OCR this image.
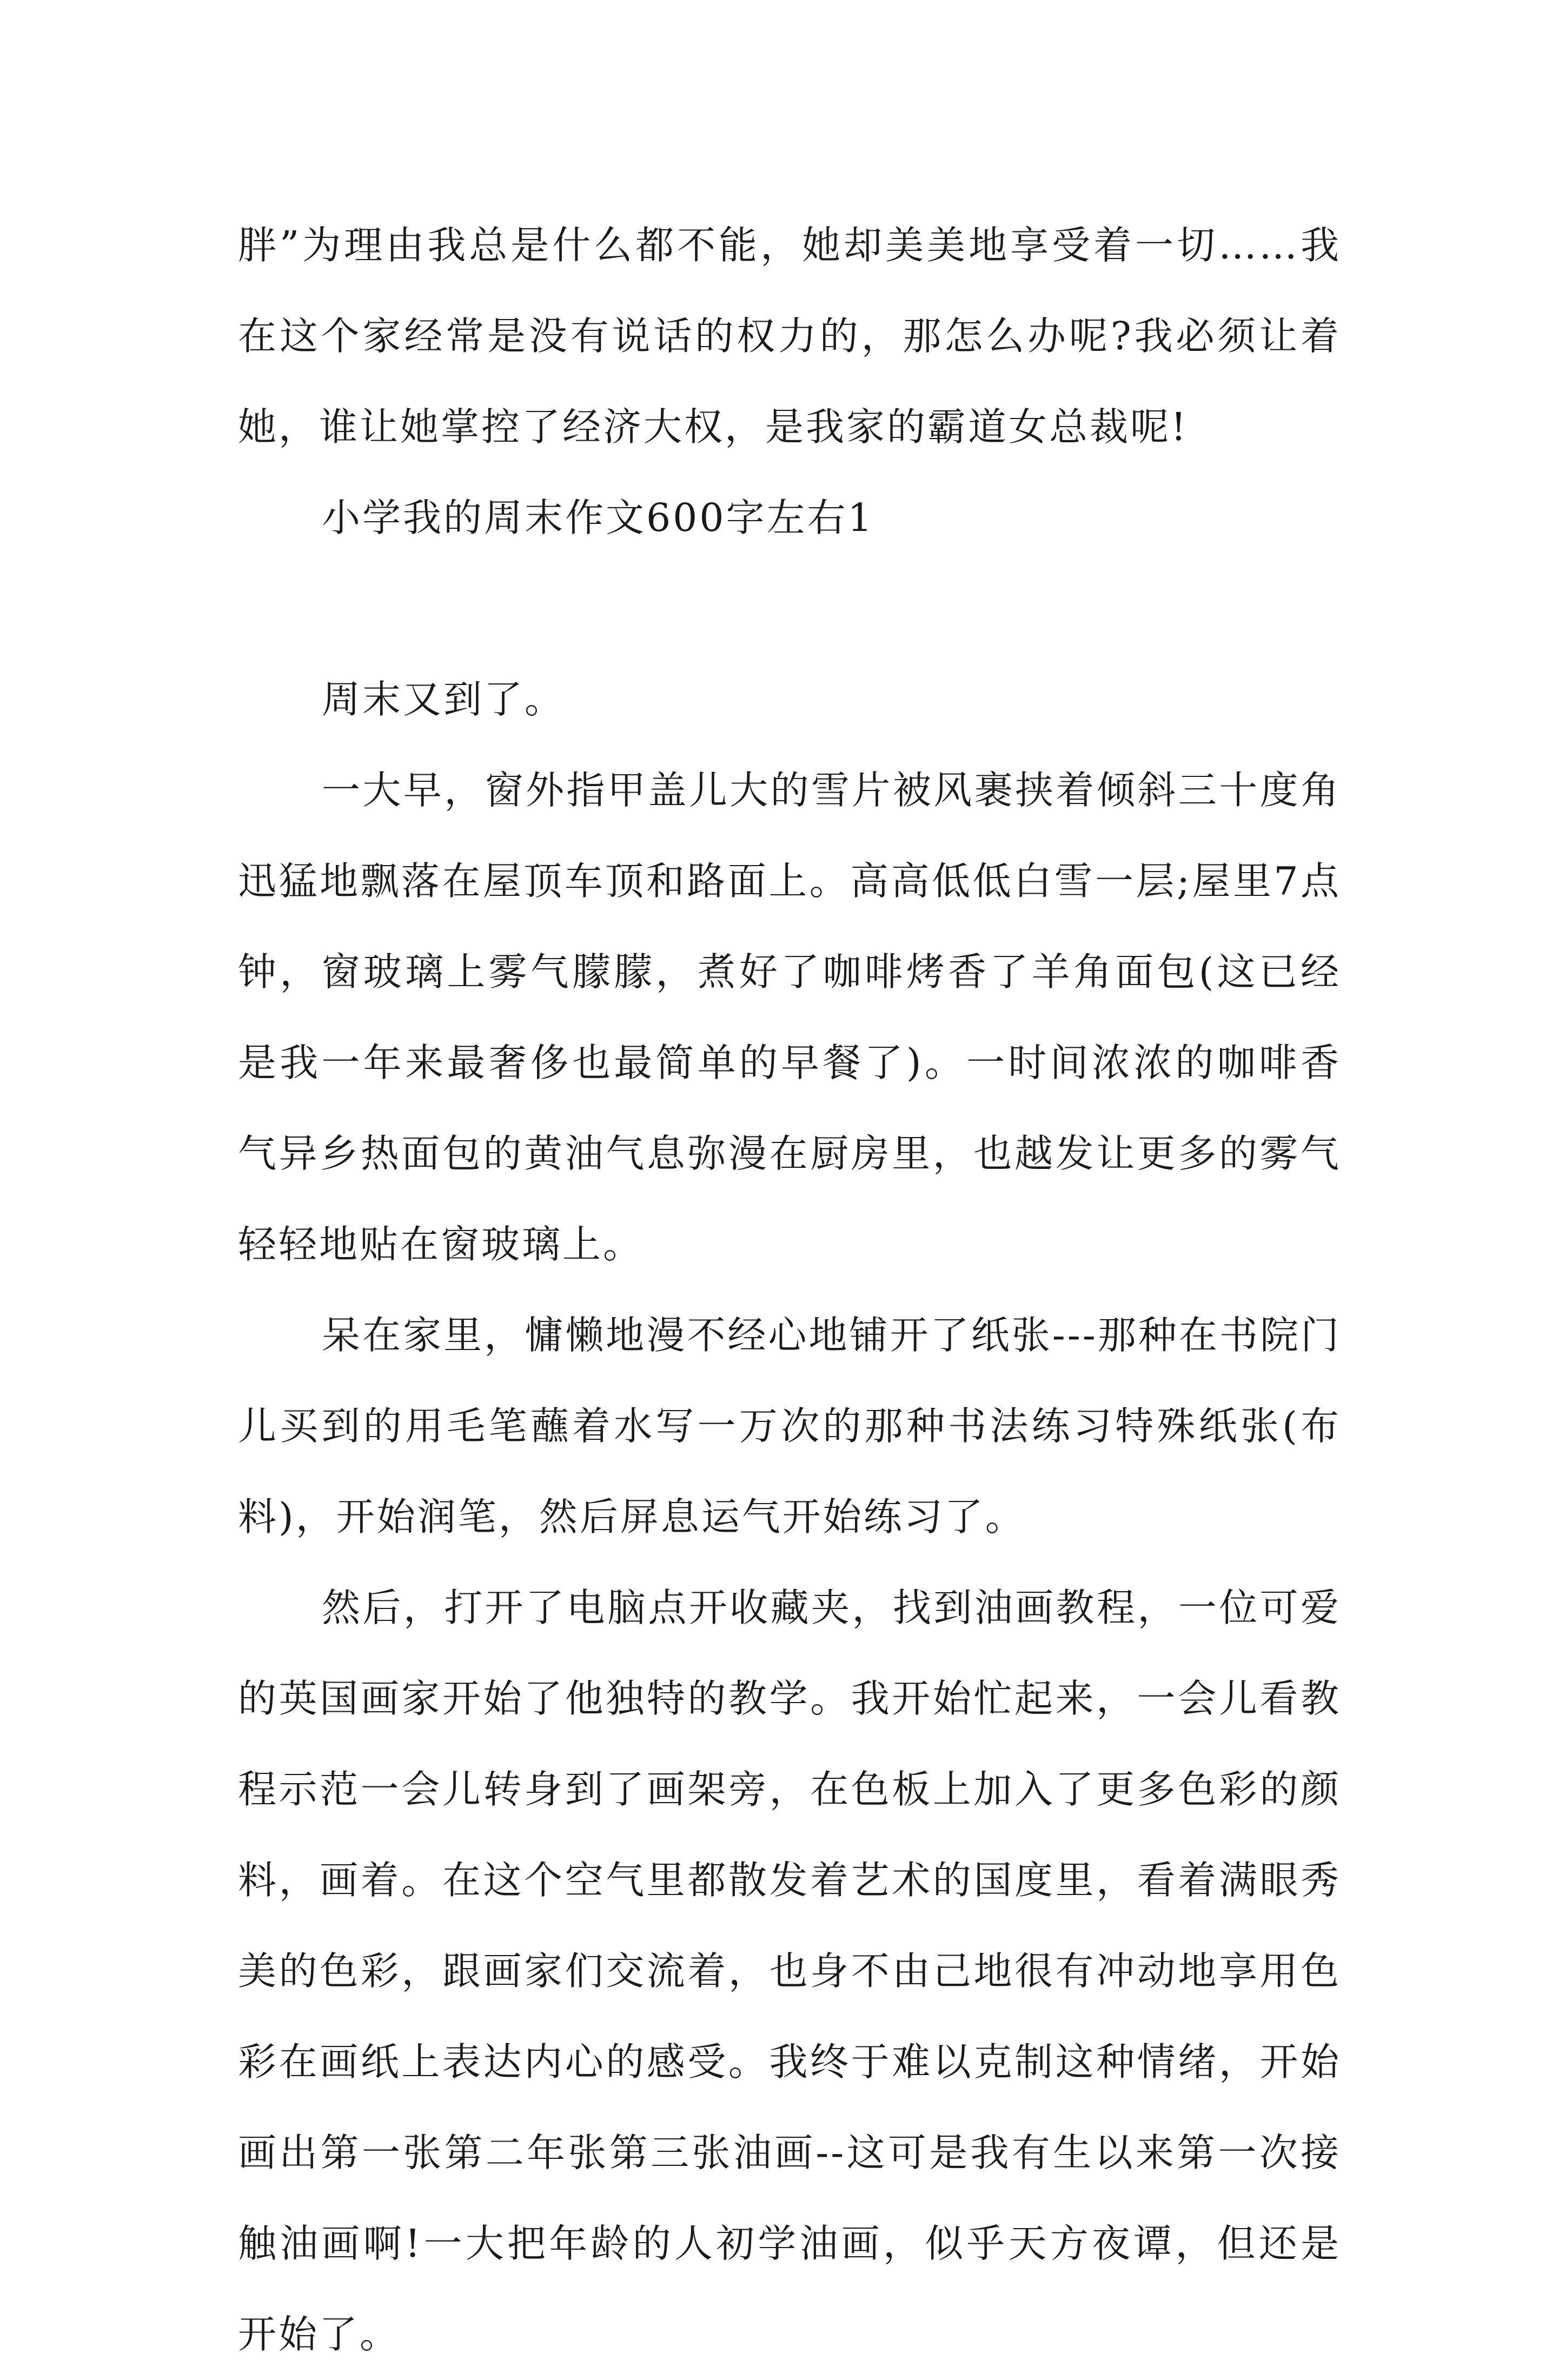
胖”为理由我总是什么都不能，她却美美地享受着一切……我在这个家经常是没有说话的权力的，那怎么办呢?我必须让着她，谁让她掌控了经济大权，是我家的霸道女总裁呢!

小学我的周末作文600字左右1

周末又到了。

一大早，窗外指甲盖儿大的雪片被风裹挟着倾斜三十度角迅猛地飘落在屋顶车顶和路面上。高高低低白雪一层;屋里7点钟，窗玻璃上雾气朦朦，煮好了咖啡烤香了羊角面包(这已经是我一年来最奢侈也最简单的早餐了)。一时间浓浓的咖啡香气异乡热面包的黄油气息弥漫在厨房里，也越发让更多的雾气轻轻地贴在窗玻璃上。

呆在家里，慵懒地漫不经心地铺开了纸张---那种在书院门儿买到的用毛笔蘸着水写一万次的那种书法练习特殊纸张(布料)，开始润笔，然后屏息运气开始练习了。

然后，打开了电脑点开收藏夹，找到油画教程，一位可爱的英国画家开始了他独特的教学。我开始忙起来，一会儿看教程示范一会儿转身到了画架旁，在色板上加入了更多色彩的颜料，画着。在这个空气里都散发着艺术的国度里，看着满眼秀美的色彩，跟画家们交流着，也身不由己地很有冲动地享用色彩在画纸上表达内心的感受。我终于难以克制这种情绪，开始画出第一张第二年张第三张油画--这可是我有生以来第一次接触油画啊!一大把年龄的人初学油画，似乎天方夜谭，但还是开始了。
